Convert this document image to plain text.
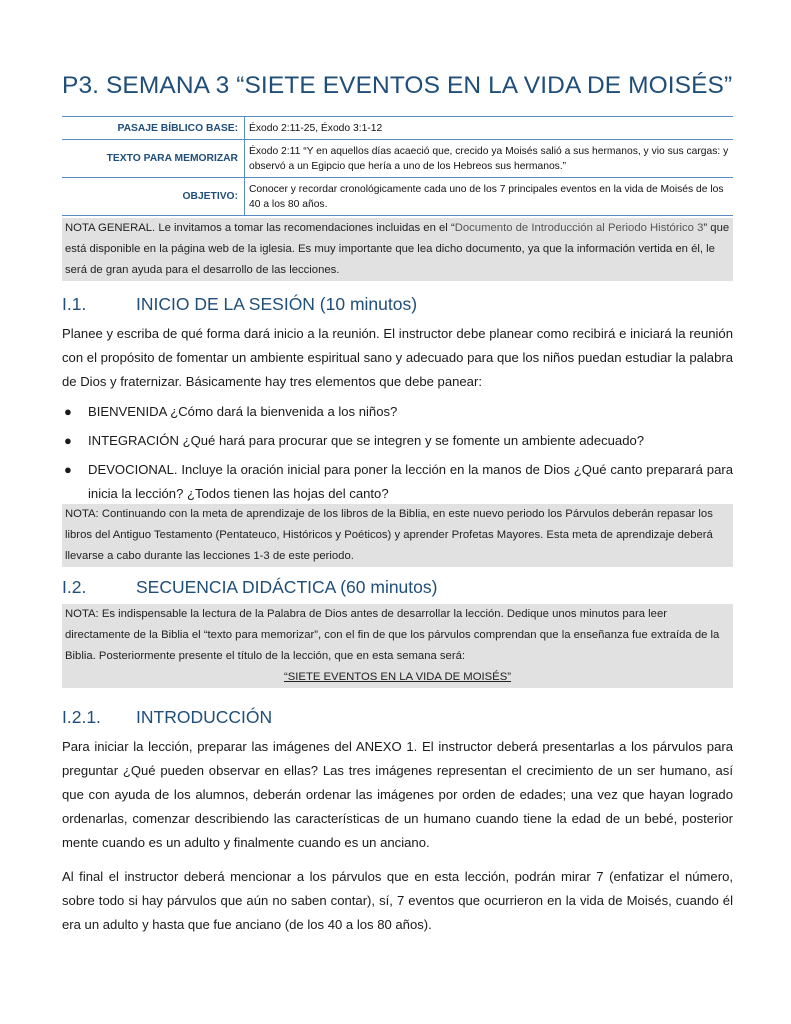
P3. SEMANA 3 “SIETE EVENTOS EN LA VIDA DE MOISÉS”
PASAJE BÍBLICO BASE:	Éxodo 2:11-25, Éxodo 3:1-12
TEXTO PARA MEMORIZAR	Éxodo 2:11 “Y en aquellos días acaeció que, crecido ya Moisés salió a sus hermanos, y vio sus cargas: y observó a un Egipcio que hería a uno de los Hebreos sus hermanos.”
OBJETIVO:	Conocer y recordar cronológicamente cada uno de los 7 principales eventos en la vida de Moisés de los 40 a los 80 años.
NOTA GENERAL. Le invitamos a tomar las recomendaciones incluidas en el “Documento de Introducción al Periodo Histórico 3” que está disponible en la página web de la iglesia. Es muy importante que lea dicho documento, ya que la información vertida en él, le será de gran ayuda para el desarrollo de las lecciones.
I.1.	INICIO DE LA SESIÓN (10 minutos)
Planee y escriba de qué forma dará inicio a la reunión. El instructor debe planear como recibirá e iniciará la reunión con el propósito de fomentar un ambiente espiritual sano y adecuado para que los niños puedan estudiar la palabra de Dios y fraternizar. Básicamente hay tres elementos que debe panear:
● BIENVENIDA ¿Cómo dará la bienvenida a los niños?
● INTEGRACIÓN ¿Qué hará para procurar que se integren y se fomente un ambiente adecuado?
● DEVOCIONAL. Incluye la oración inicial para poner la lección en la manos de Dios ¿Qué canto preparará para inicia la lección? ¿Todos tienen las hojas del canto?
NOTA: Continuando con la meta de aprendizaje de los libros de la Biblia, en este nuevo periodo los Párvulos deberán repasar los libros del Antiguo Testamento (Pentateuco, Históricos y Poéticos) y aprender Profetas Mayores. Esta meta de aprendizaje deberá llevarse a cabo durante las lecciones 1-3 de este periodo.
I.2.	SECUENCIA DIDÁCTICA (60 minutos)
NOTA: Es indispensable la lectura de la Palabra de Dios antes de desarrollar la lección. Dedique unos minutos para leer directamente de la Biblia el “texto para memorizar”, con el fin de que los párvulos comprendan que la enseñanza fue extraída de la Biblia. Posteriormente presente el título de la lección, que en esta semana será:
“SIETE EVENTOS EN LA VIDA DE MOISÉS”
I.2.1. INTRODUCCIÓN
Para iniciar la lección, preparar las imágenes del ANEXO 1. El instructor deberá presentarlas a los párvulos para preguntar ¿Qué pueden observar en ellas? Las tres imágenes representan el crecimiento de un ser humano, así que con ayuda de los alumnos, deberán ordenar las imágenes por orden de edades; una vez que hayan logrado ordenarlas, comenzar describiendo las características de un humano cuando tiene la edad de un bebé, posterior mente cuando es un adulto y finalmente cuando es un anciano.
Al final el instructor deberá mencionar a los párvulos que en esta lección, podrán mirar 7 (enfatizar el número, sobre todo si hay párvulos que aún no saben contar), sí, 7 eventos que ocurrieron en la vida de Moisés, cuando él era un adulto y hasta que fue anciano (de los 40 a los 80 años).
